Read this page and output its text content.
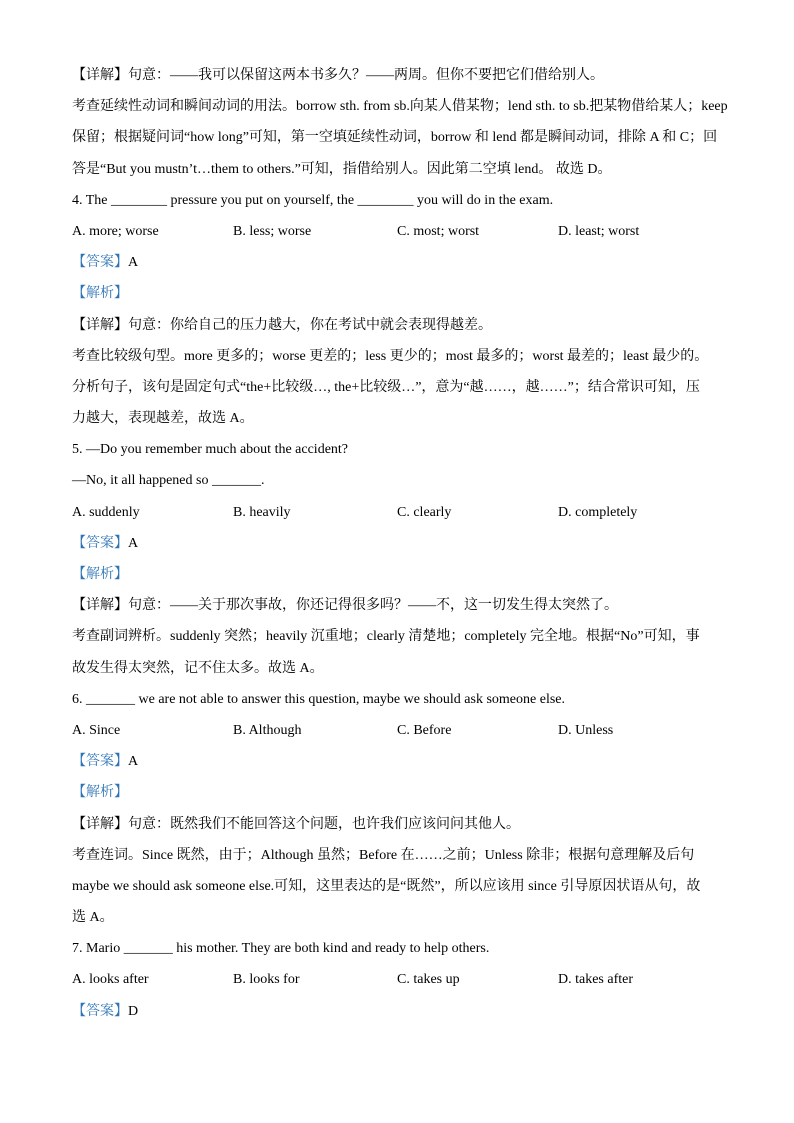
【详解】句意：——我可以保留这两本书多久？——两周。但你不要把它们借给别人。
考查延续性动词和瞬间动词的用法。borrow sth. from sb.向某人借某物；lend sth. to sb.把某物借给某人；keep
保留；根据疑问词“how long”可知，第一空填延续性动词，borrow 和 lend 都是瞬间动词，排除 A 和 C；回
答是“But you mustn’t…them to others.”可知，指借给别人。因此第二空填 lend。 故选 D。
4. The ________ pressure you put on yourself, the ________ you will do in the exam.
A. more; worse	B. less; worse	C. most; worst	D. least; worst
【答案】A
【解析】
【详解】句意：你给自己的压力越大，你在考试中就会表现得越差。
考查比较级句型。more 更多的；worse 更差的；less 更少的；most 最多的；worst 最差的；least 最少的。
分析句子，该句是固定句式“the+比较级…, the+比较级…”，意为“越……，越……”；结合常识可知，压
力越大，表现越差，故选 A。
5. —Do you remember much about the accident?
—No, it all happened so _______.
A. suddenly	B. heavily	C. clearly	D. completely
【答案】A
【解析】
【详解】句意：——关于那次事故，你还记得很多吗？——不，这一切发生得太突然了。
考查副词辨析。suddenly 突然；heavily 沉重地；clearly 清楚地；completely 完全地。根据“No”可知，事
故发生得太突然，记不住太多。故选 A。
6. _______ we are not able to answer this question, maybe we should ask someone else.
A. Since	B. Although	C. Before	D. Unless
【答案】A
【解析】
【详解】句意：既然我们不能回答这个问题，也许我们应该问问其他人。
考查连词。Since 既然，由于；Although 虽然；Before 在……之前；Unless 除非；根据句意理解及后句
maybe we should ask someone else.可知，这里表达的是“既然”，所以应该用 since 引导原因状语从句，故
选 A。
7. Mario _______ his mother. They are both kind and ready to help others.
A. looks after	B. looks for	C. takes up	D. takes after
【答案】D
